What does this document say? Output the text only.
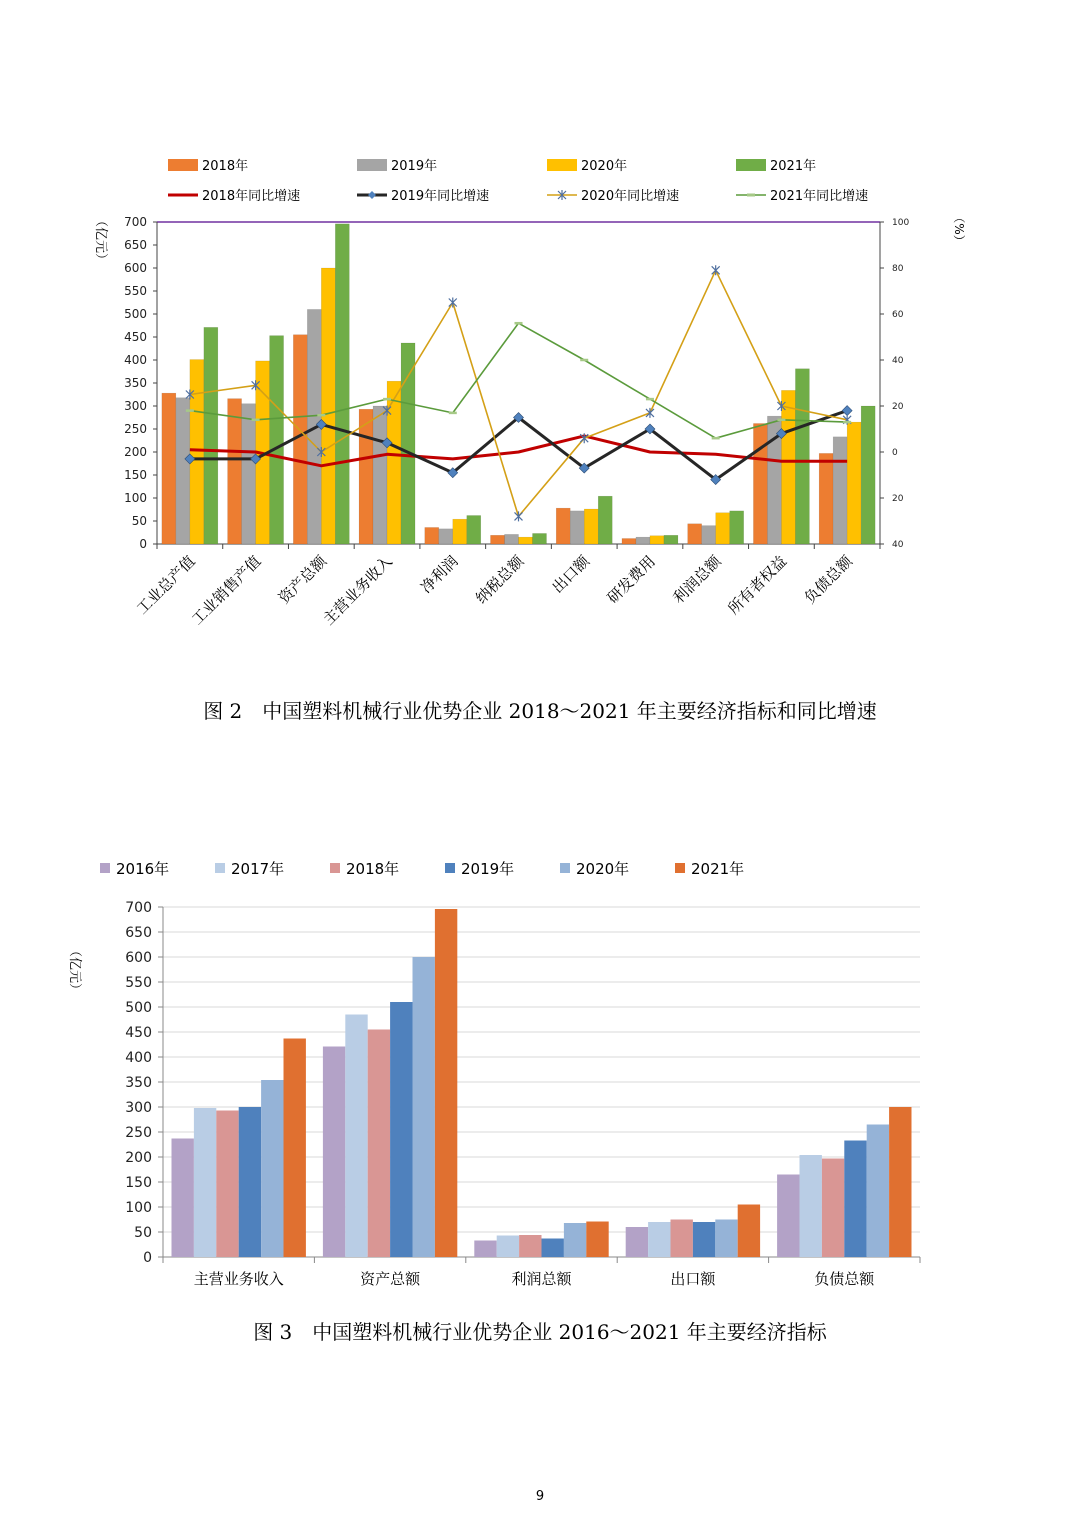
0
50
100
150
200
250
300
350
400
450
500
550
600
650
700
40
20
0
20
40
60
80
100
（亿元）	（%）
工业总产值
工业销售产值 资产总额
主营业务收入 净利润 纳税总额 出口额 研发费用 利润总额 所有者权益 负债总额
2018年	2019年	2020年	2021年
2018年同比增速	2019年同比增速	2020年同比增速	2021年同比增速
0
50
100
150
200
250
300
350
400
450
500
550
600
650
700
（亿元）
主营业务收入	资产总额	利润总额	出口额	负债总额
2016年	2017年	2018年	2019年	2020年	2021年
图 2　中国塑料机械行业优势企业 2018～2021 年主要经济指标和同比增速
图 3　中国塑料机械行业优势企业 2016～2021 年主要经济指标
9
